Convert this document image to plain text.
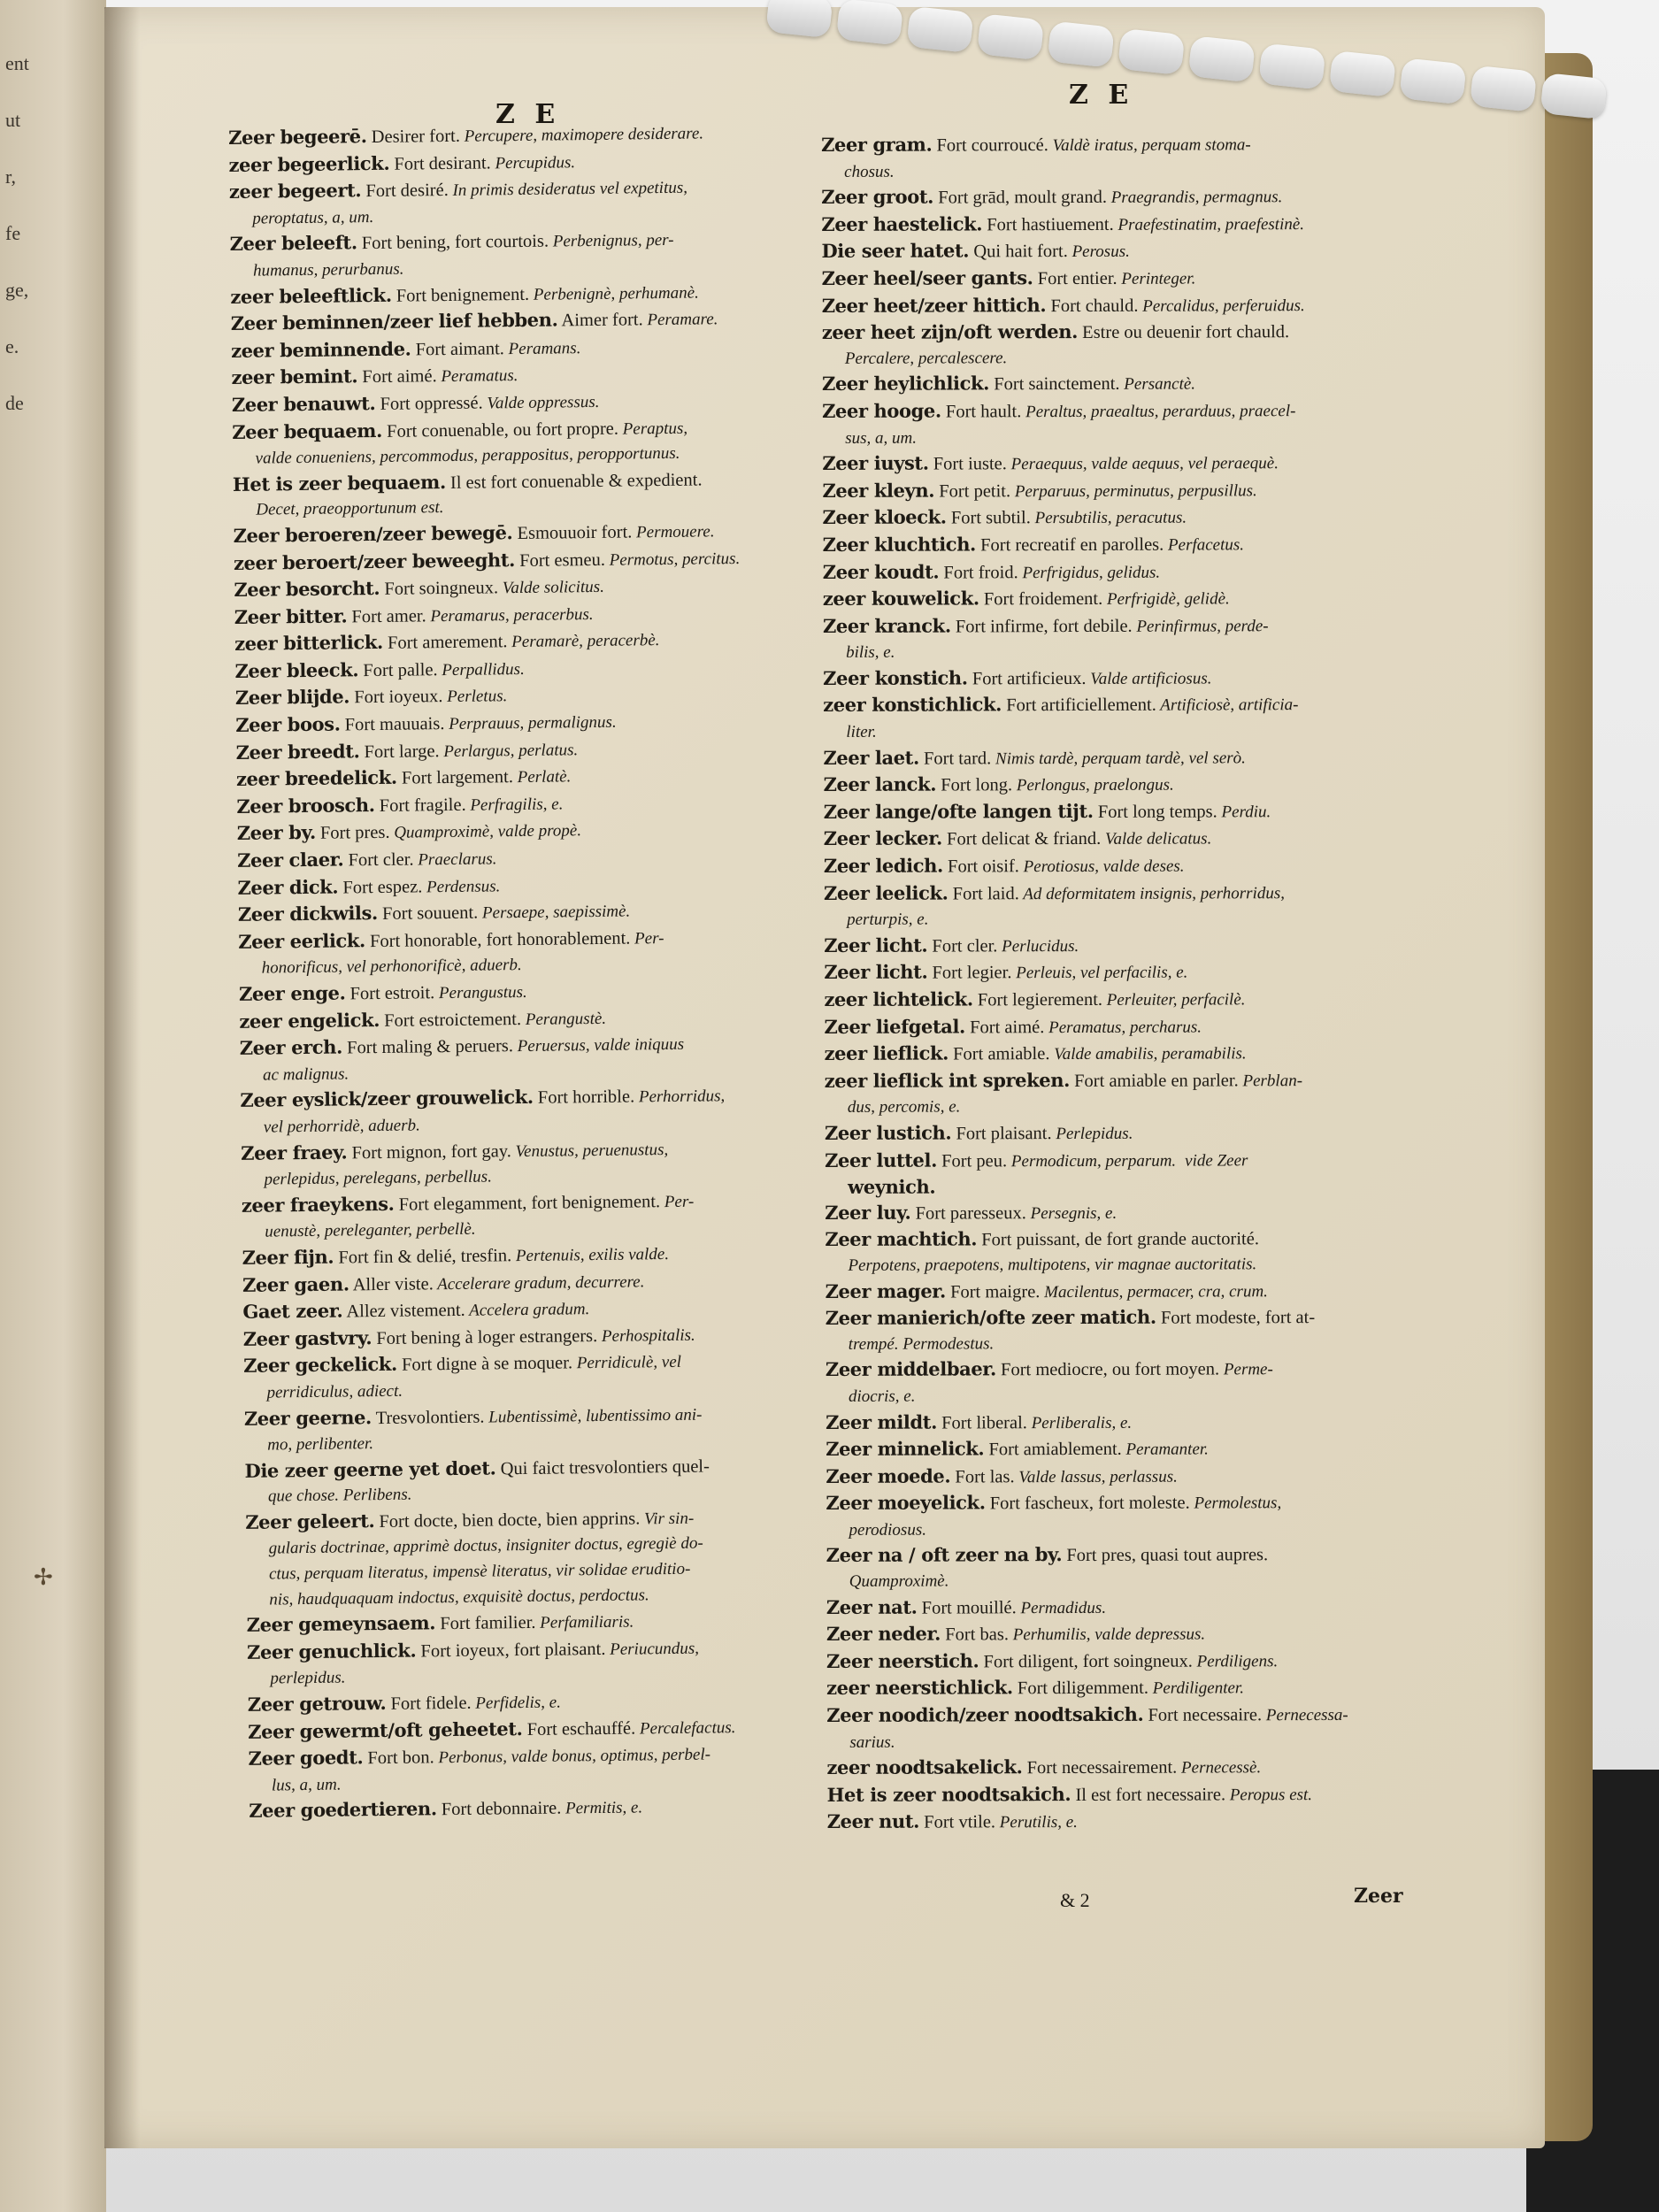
ent
ut
r,
fe
ge,
e.
de
Z E
Z E

Zeer begeerē. Desirer fort. Percupere, maximopere desiderare.

zeer begeerlick. Fort desirant. Percupidus.

zeer begeert. Fort desiré. In primis desideratus vel expetitus,
peroptatus, a, um.

Zeer beleeft. Fort bening, fort courtois. Perbenignus, per-
humanus, perurbanus.

zeer beleeftlick. Fort benignement. Perbenignè, perhumanè.

Zeer beminnen/zeer lief hebben. Aimer fort. Peramare.

zeer beminnende. Fort aimant. Peramans.

zeer bemint. Fort aimé. Peramatus.

Zeer benauwt. Fort oppressé. Valde oppressus.

Zeer bequaem. Fort conuenable, ou fort propre. Peraptus,
valde conueniens, percommodus, perappositus, peropportunus.

Het is zeer bequaem. Il est fort conuenable & expedient.
Decet, praeopportunum est.

Zeer beroeren/zeer bewegē. Esmouuoir fort. Permouere.

zeer beroert/zeer beweeght. Fort esmeu. Permotus, percitus.

Zeer besorcht. Fort soingneux. Valde solicitus.

Zeer bitter. Fort amer. Peramarus, peracerbus.

zeer bitterlick. Fort amerement. Peramarè, peracerbè.

Zeer bleeck. Fort palle. Perpallidus.

Zeer blijde. Fort ioyeux. Perletus.

Zeer boos. Fort mauuais. Perprauus, permalignus.

Zeer breedt. Fort large. Perlargus, perlatus.

zeer breedelick. Fort largement. Perlatè.

Zeer broosch. Fort fragile. Perfragilis, e.

Zeer by. Fort pres. Quamproximè, valde propè.

Zeer claer. Fort cler. Praeclarus.

Zeer dick. Fort espez. Perdensus.

Zeer dickwils. Fort souuent. Persaepe, saepissimè.

Zeer eerlick. Fort honorable, fort honorablement. Per-
honorificus, vel perhonorificè, aduerb.

Zeer enge. Fort estroit. Perangustus.

zeer engelick. Fort estroictement. Perangustè.

Zeer erch. Fort maling & peruers. Peruersus, valde iniquus
ac malignus.

Zeer eyslick/zeer grouwelick. Fort horrible. Perhorridus,
vel perhorridè, aduerb.

Zeer fraey. Fort mignon, fort gay. Venustus, peruenustus,
perlepidus, perelegans, perbellus.

zeer fraeykens. Fort elegamment, fort benignement. Per-
uenustè, pereleganter, perbellè.

Zeer fijn. Fort fin & delié, tresfin. Pertenuis, exilis valde.

Zeer gaen. Aller viste. Accelerare gradum, decurrere.

Gaet zeer. Allez vistement. Accelera gradum.

Zeer gastvry. Fort bening à loger estrangers. Perhospitalis.

Zeer geckelick. Fort digne à se moquer. Perridiculè, vel
perridiculus, adiect.

Zeer geerne. Tresvolontiers. Lubentissimè, lubentissimo ani-
mo, perlibenter.

Die zeer geerne yet doet. Qui faict tresvolontiers quel-
que chose. Perlibens.

Zeer geleert. Fort docte, bien docte, bien apprins. Vir sin-
gularis doctrinae, apprimè doctus, insigniter doctus, egregiè do-

ctus, perquam literatus, impensè literatus, vir solidae eruditio-

nis, haudquaquam indoctus, exquisitè doctus, perdoctus.

Zeer gemeynsaem. Fort familier. Perfamiliaris.

Zeer genuchlick. Fort ioyeux, fort plaisant. Periucundus,
perlepidus.

Zeer getrouw. Fort fidele. Perfidelis, e.

Zeer gewermt/oft gehеetet. Fort eschauffé. Percalefactus.

Zeer goedt. Fort bon. Perbonus, valde bonus, optimus, perbel-
lus, a, um.

Zeer goedertieren. Fort debonnaire. Permitis, e.

Zeer gram. Fort courroucé. Valdè iratus, perquam stoma-
chosus.

Zeer groot. Fort grād, moult grand. Praegrandis, permagnus.

Zeer haestelick. Fort hastiuement. Praefestinatim, praefestinè.

Die seer hatet. Qui hait fort. Perosus.

Zeer heel/seer gants. Fort entier. Perinteger.

Zeer heet/zeer hittich. Fort chauld. Percalidus, perferuidus.

zeer heet zijn/oft werden. Estre ou deuenir fort chauld.
Percalere, percalescere.

Zeer heylichlick. Fort sainctement. Persanctè.

Zeer hooge. Fort hault. Peraltus, praealtus, perarduus, praecel-
sus, a, um.

Zeer iuyst. Fort iuste. Peraequus, valde aequus, vel peraequè.

Zeer kleyn. Fort petit. Perparuus, perminutus, perpusillus.

Zeer kloeck. Fort subtil. Persubtilis, peracutus.

Zeer kluchtich. Fort recreatif en parolles. Perfacetus.

Zeer koudt. Fort froid. Perfrigidus, gelidus.

zeer kouwelick. Fort froidement. Perfrigidè, gelidè.

Zeer kranck. Fort infirme, fort debile. Perinfirmus, perde-
bilis, e.

Zeer konstich. Fort artificieux. Valde artificiosus.

zeer konstichlick. Fort artificiellement. Artificiosè, artificia-
liter.

Zeer laet. Fort tard. Nimis tardè, perquam tardè, vel serò.

Zeer lanck. Fort long. Perlongus, praelongus.

Zeer lange/ofte langen tijt. Fort long temps. Perdiu.

Zeer lecker. Fort delicat & friand. Valde delicatus.

Zeer ledich. Fort oisif. Perotiosus, valde deses.

Zeer leelick. Fort laid. Ad deformitatem insignis, perhorridus,
perturpis, e.

Zeer licht. Fort cler. Perlucidus.

Zeer licht. Fort legier. Perleuis, vel perfacilis, e.

zeer lichtelick. Fort legierement. Perleuiter, perfacilè.

Zeer liefgetal. Fort aimé. Peramatus, percharus.

zeer lieflick. Fort amiable. Valde amabilis, peramabilis.

zeer lieflick int spreken. Fort amiable en parler. Perblan-
dus, percomis, e.

Zeer lustich. Fort plaisant. Perlepidus.

Zeer luttel. Fort peu. Permodicum, perparum. vide Zeer
weynich.

Zeer luy. Fort paresseux. Persegnis, e.

Zeer machtich. Fort puissant, de fort grande auctorité.
Perpotens, praepotens, multipotens, vir magnae auctoritatis.

Zeer mager. Fort maigre. Macilentus, permacer, cra, crum.

Zeer manierich/ofte zeer matich. Fort modeste, fort at-
trempé. Permodestus.

Zeer middelbaer. Fort mediocre, ou fort moyen. Perme-
diocris, e.

Zeer mildt. Fort liberal. Perliberalis, e.

Zeer minnelick. Fort amiablement. Peramanter.

Zeer moede. Fort las. Valde lassus, perlassus.

Zeer moeyelick. Fort fascheux, fort moleste. Permolestus,
perodiosus.

Zeer na / oft zeer na by. Fort pres, quasi tout aupres.
Quamproximè.

Zeer nat. Fort mouillé. Permadidus.

Zeer neder. Fort bas. Perhumilis, valde depressus.

Zeer neerstich. Fort diligent, fort soingneux. Perdiligens.

zeer neerstichlick. Fort diligemment. Perdiligenter.

Zeer noodich/zeer noodtsakich. Fort necessaire. Pernecessa-
sarius.

zeer noodtsakelick. Fort necessairement. Pernecessè.

Het is zeer noodtsakich. Il est fort necessaire. Peropus est.

Zeer nut. Fort vtile. Perutilis, e.

& 2	Zeer
✢
